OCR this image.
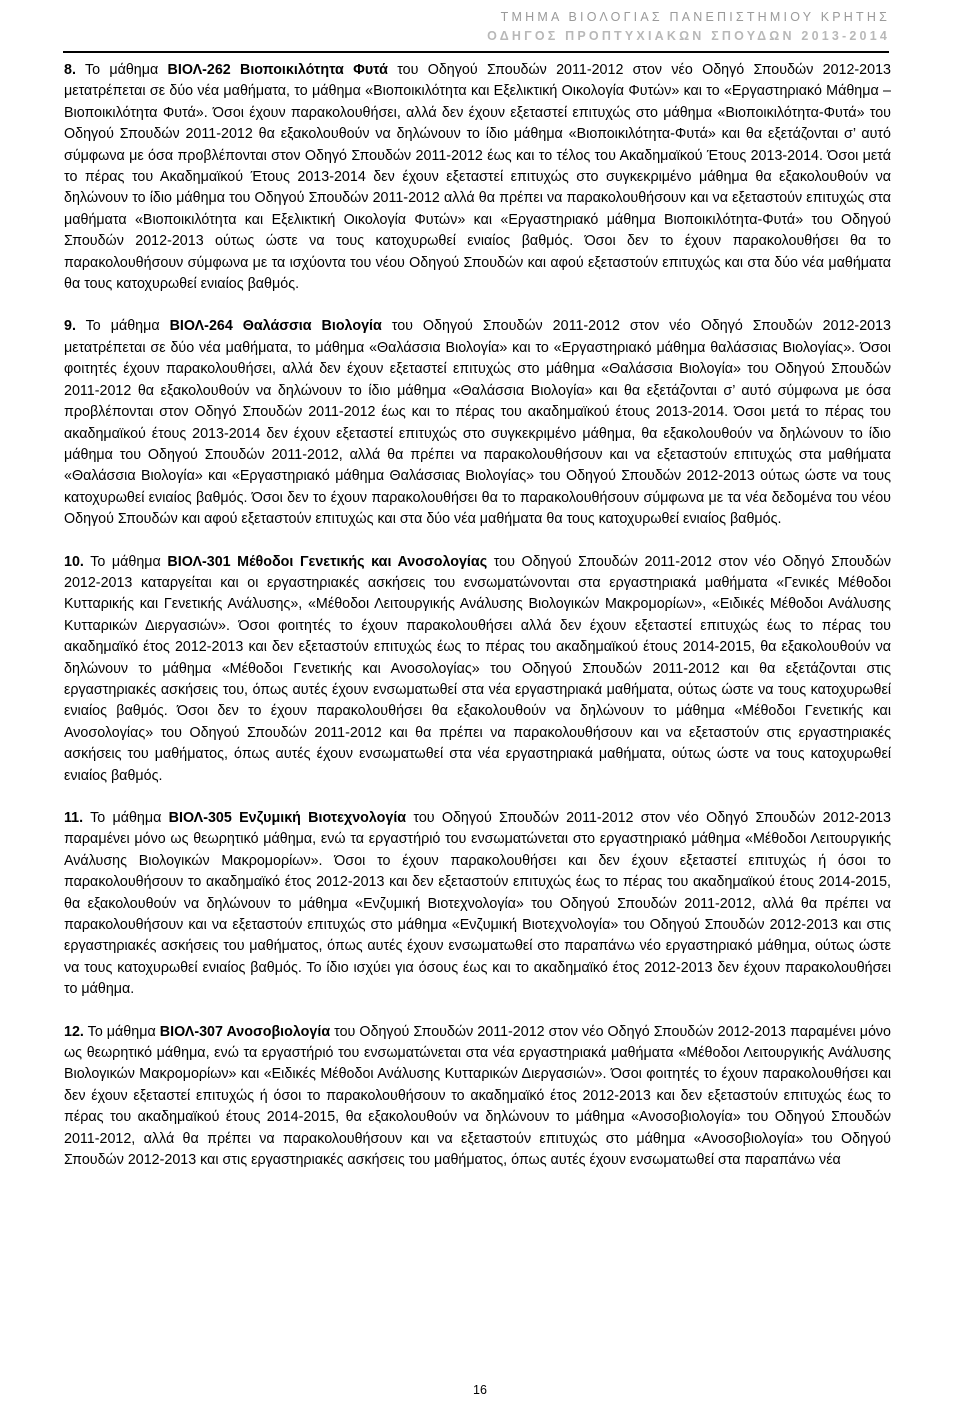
ΤΜΗΜΑ ΒΙΟΛΟΓΙΑΣ ΠΑΝΕΠΙΣΤΗΜΙΟΥ ΚΡΗΤΗΣ
ΟΔΗΓΟΣ ΠΡΟΠΤΥΧΙΑΚΩΝ ΣΠΟΥΔΩΝ 2013-2014

8. Το μάθημα ΒΙΟΛ-262 Βιοποικιλότητα Φυτά του Οδηγού Σπουδών 2011-2012 στον νέο Οδηγό Σπουδών 2012-2013 μετατρέπεται σε δύο νέα μαθήματα, το μάθημα «Βιοποικιλότητα και Εξελικτική Οικολογία Φυτών» και το «Εργαστηριακό Μάθημα –Βιοποικιλότητα Φυτά». Όσοι έχουν παρακολουθήσει, αλλά δεν έχουν εξεταστεί επιτυχώς στο μάθημα «Βιοποικιλότητα-Φυτά» του Οδηγού Σπουδών 2011-2012 θα εξακολουθούν να δηλώνουν το ίδιο μάθημα «Βιοποικιλότητα-Φυτά» και θα εξετάζονται σ’ αυτό σύμφωνα με όσα προβλέπονται στον Οδηγό Σπουδών 2011-2012 έως και το τέλος του Ακαδημαϊκού Έτους 2013-2014. Όσοι μετά το πέρας του Ακαδημαϊκού Έτους 2013-2014 δεν έχουν εξεταστεί επιτυχώς στο συγκεκριμένο μάθημα θα εξακολουθούν να δηλώνουν το ίδιο μάθημα του Οδηγού Σπουδών 2011-2012 αλλά θα πρέπει να παρακολουθήσουν και να εξεταστούν επιτυχώς στα μαθήματα «Βιοποικιλότητα και Εξελικτική Οικολογία Φυτών» και «Εργαστηριακό μάθημα Βιοποικιλότητα-Φυτά» του Οδηγού Σπουδών 2012-2013 ούτως ώστε να τους κατοχυρωθεί ενιαίος βαθμός. Όσοι δεν το έχουν παρακολουθήσει θα το παρακολουθήσουν σύμφωνα με τα ισχύοντα του νέου Οδηγού Σπουδών και αφού εξεταστούν επιτυχώς και στα δύο νέα μαθήματα θα τους κατοχυρωθεί ενιαίος βαθμός.

9. Το μάθημα ΒΙΟΛ-264 Θαλάσσια Βιολογία του Οδηγού Σπουδών 2011-2012 στον νέο Οδηγό Σπουδών 2012-2013 μετατρέπεται σε δύο νέα μαθήματα, το μάθημα «Θαλάσσια Βιολογία» και το «Εργαστηριακό μάθημα θαλάσσιας Βιολογίας». Όσοι φοιτητές έχουν παρακολουθήσει, αλλά δεν έχουν εξεταστεί επιτυχώς στο μάθημα «Θαλάσσια Βιολογία» του Οδηγού Σπουδών 2011-2012 θα εξακολουθούν να δηλώνουν το ίδιο μάθημα «Θαλάσσια Βιολογία» και θα εξετάζονται σ’ αυτό σύμφωνα με όσα προβλέπονται στον Οδηγό Σπουδών 2011-2012 έως και το πέρας του ακαδημαϊκού έτους 2013-2014. Όσοι μετά το πέρας του ακαδημαϊκού έτους 2013-2014 δεν έχουν εξεταστεί επιτυχώς στο συγκεκριμένο μάθημα, θα εξακολουθούν να δηλώνουν το ίδιο μάθημα του Οδηγού Σπουδών 2011-2012, αλλά θα πρέπει να παρακολουθήσουν και να εξεταστούν επιτυχώς στα μαθήματα «Θαλάσσια Βιολογία» και «Εργαστηριακό μάθημα Θαλάσσιας Βιολογίας» του Οδηγού Σπουδών 2012-2013 ούτως ώστε να τους κατοχυρωθεί ενιαίος βαθμός. Όσοι δεν το έχουν παρακολουθήσει θα το παρακολουθήσουν σύμφωνα με τα νέα δεδομένα του νέου Οδηγού Σπουδών και αφού εξεταστούν επιτυχώς και στα δύο νέα μαθήματα θα τους κατοχυρωθεί ενιαίος βαθμός.

10. Το μάθημα ΒΙΟΛ-301 Μέθοδοι Γενετικής και Ανοσολογίας του Οδηγού Σπουδών 2011-2012 στον νέο Οδηγό Σπουδών 2012-2013 καταργείται και οι εργαστηριακές ασκήσεις του ενσωματώνονται στα εργαστηριακά μαθήματα «Γενικές Μέθοδοι Κυτταρικής και Γενετικής Ανάλυσης», «Μέθοδοι Λειτουργικής Ανάλυσης Βιολογικών Μακρομορίων», «Ειδικές Μέθοδοι Ανάλυσης Κυτταρικών Διεργασιών». Όσοι φοιτητές το έχουν παρακολουθήσει αλλά δεν έχουν εξεταστεί επιτυχώς έως το πέρας του ακαδημαϊκό έτος 2012-2013 και δεν εξεταστούν επιτυχώς έως το πέρας του ακαδημαϊκού έτους 2014-2015, θα εξακολουθούν να δηλώνουν το μάθημα «Μέθοδοι Γενετικής και Ανοσολογίας» του Οδηγού Σπουδών 2011-2012 και θα εξετάζονται στις εργαστηριακές ασκήσεις του, όπως αυτές έχουν ενσωματωθεί στα νέα εργαστηριακά μαθήματα, ούτως ώστε να τους κατοχυρωθεί ενιαίος βαθμός. Όσοι δεν το έχουν παρακολουθήσει θα εξακολουθούν να δηλώνουν το μάθημα «Μέθοδοι Γενετικής και Ανοσολογίας» του Οδηγού Σπουδών 2011-2012 και θα πρέπει να παρακολουθήσουν και να εξεταστούν στις εργαστηριακές ασκήσεις του μαθήματος, όπως αυτές έχουν ενσωματωθεί στα νέα εργαστηριακά μαθήματα, ούτως ώστε να τους κατοχυρωθεί ενιαίος βαθμός.

11. Το μάθημα ΒΙΟΛ-305 Ενζυμική Βιοτεχνολογία του Οδηγού Σπουδών 2011-2012 στον νέο Οδηγό Σπουδών 2012-2013 παραμένει μόνο ως θεωρητικό μάθημα, ενώ τα εργαστήριό του ενσωματώνεται στο εργαστηριακό μάθημα «Μέθοδοι Λειτουργικής Ανάλυσης Βιολογικών Μακρομορίων». Όσοι το έχουν παρακολουθήσει και δεν έχουν εξεταστεί επιτυχώς ή όσοι το παρακολουθήσουν το ακαδημαϊκό έτος 2012-2013 και δεν εξεταστούν επιτυχώς έως το πέρας του ακαδημαϊκού έτους 2014-2015, θα εξακολουθούν να δηλώνουν το μάθημα «Ενζυμική Βιοτεχνολογία» του Οδηγού Σπουδών 2011-2012, αλλά θα πρέπει να παρακολουθήσουν και να εξεταστούν επιτυχώς στο μάθημα «Ενζυμική Βιοτεχνολογία» του Οδηγού Σπουδών 2012-2013 και στις εργαστηριακές ασκήσεις του μαθήματος, όπως αυτές έχουν ενσωματωθεί στο παραπάνω νέο εργαστηριακό μάθημα, ούτως ώστε να τους κατοχυρωθεί ενιαίος βαθμός. Το ίδιο ισχύει για όσους έως και το ακαδημαϊκό έτος 2012-2013 δεν έχουν παρακολουθήσει το μάθημα.

12. Το μάθημα ΒΙΟΛ-307 Ανοσοβιολογία του Οδηγού Σπουδών 2011-2012 στον νέο Οδηγό Σπουδών 2012-2013 παραμένει μόνο ως θεωρητικό μάθημα, ενώ τα εργαστήριό του ενσωματώνεται στα νέα εργαστηριακά μαθήματα «Μέθοδοι Λειτουργικής Ανάλυσης Βιολογικών Μακρομορίων» και «Ειδικές Μέθοδοι Ανάλυσης Κυτταρικών Διεργασιών». Όσοι φοιτητές το έχουν παρακολουθήσει και δεν έχουν εξεταστεί επιτυχώς ή όσοι το παρακολουθήσουν το ακαδημαϊκό έτος 2012-2013 και δεν εξεταστούν επιτυχώς έως το πέρας του ακαδημαϊκού έτους 2014-2015, θα εξακολουθούν να δηλώνουν το μάθημα «Ανοσοβιολογία» του Οδηγού Σπουδών 2011-2012, αλλά θα πρέπει να παρακολουθήσουν και να εξεταστούν επιτυχώς στο μάθημα «Ανοσοβιολογία» του Οδηγού Σπουδών 2012-2013 και στις εργαστηριακές ασκήσεις του μαθήματος, όπως αυτές έχουν ενσωματωθεί στα παραπάνω νέα

16
